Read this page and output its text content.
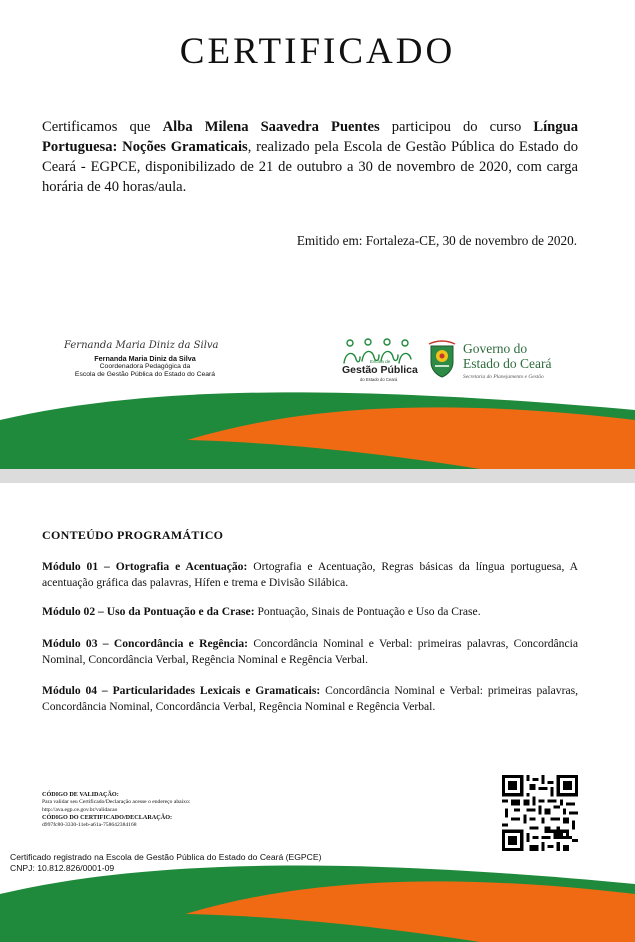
CERTIFICADO

Certificamos que Alba Milena Saavedra Puentes participou do curso Língua Portuguesa: Noções Gramaticais, realizado pela Escola de Gestão Pública do Estado do Ceará - EGPCE, disponibilizado de 21 de outubro a 30 de novembro de 2020, com carga horária de 40 horas/aula.

Emitido em: Fortaleza-CE, 30 de novembro de 2020.
Fernanda Maria Diniz da Silva
Fernanda Maria Diniz da Silva
Coordenadora Pedagógica da
Escola de Gestão Pública do Estado do Ceará
Escola de
Gestão Pública
do Estado do Ceará
Governo do
Estado do Ceará
Secretaria do Planejamento e Gestão
CONTEÚDO PROGRAMÁTICO

Módulo 01 – Ortografia e Acentuação: Ortografia e Acentuação, Regras básicas da língua portuguesa, A acentuação gráfica das palavras, Hífen e trema e Divisão Silábica.

Módulo 02 – Uso da Pontuação e da Crase: Pontuação, Sinais de Pontuação e Uso da Crase.

Módulo 03 – Concordância e Regência: Concordância Nominal e Verbal: primeiras palavras, Concordância Nominal, Concordância Verbal, Regência Nominal e Regência Verbal.

Módulo 04 – Particularidades Lexicais e Gramaticais: Concordância Nominal e Verbal: primeiras palavras, Concordância Nominal, Concordância Verbal, Regência Nominal e Regência Verbal.

CÓDIGO DE VALIDAÇÃO:
Para validar seu Certificado/Declaração acesse o endereço abaixo:
http://ava.egp.ce.gov.br/validacao
CÓDIGO DO CERTIFICADO/DECLARAÇÃO:
d997fc80-3330-11eb-a61a-758642384168
Certificado registrado na Escola de Gestão Pública do Estado do Ceará (EGPCE)
CNPJ: 10.812.826/0001-09
